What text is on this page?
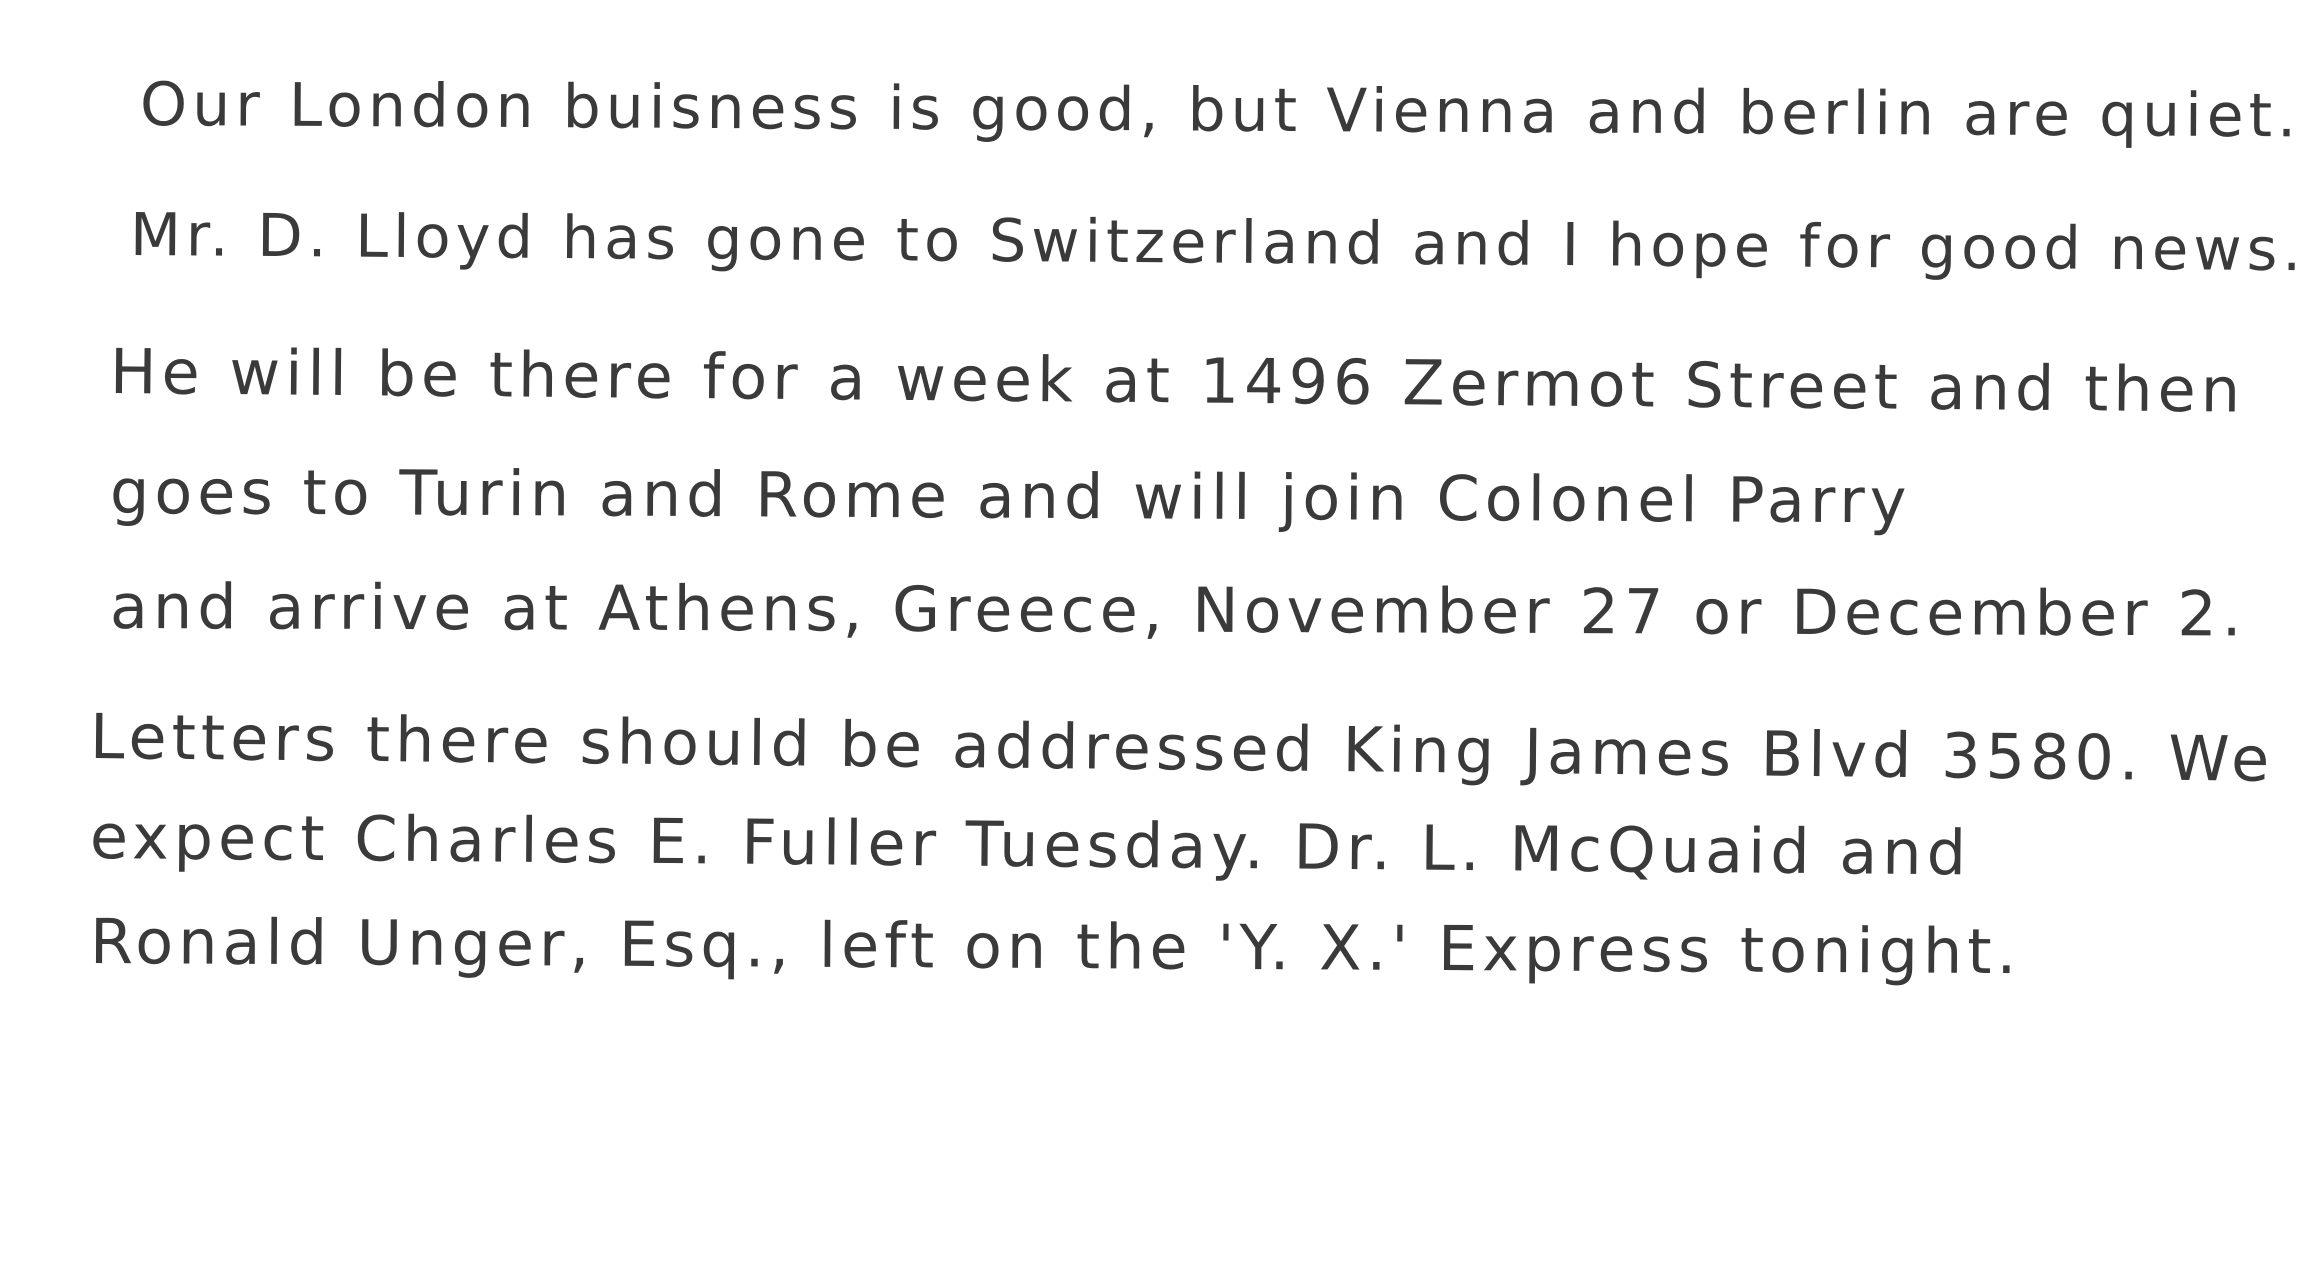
Our London buisness is good, but Vienna and berlin are quiet.
Mr. D. Lloyd has gone to Switzerland and I hope for good news.
He will be there for a week at 1496 Zermot Street and then
goes to Turin and Rome and will join Colonel Parry
and arrive at Athens, Greece, November 27 or December 2.
Letters there should be addressed King James Blvd 3580. We
expect Charles E. Fuller Tuesday. Dr. L. McQuaid and
Ronald Unger, Esq., left on the 'Y. X.' Express tonight.
